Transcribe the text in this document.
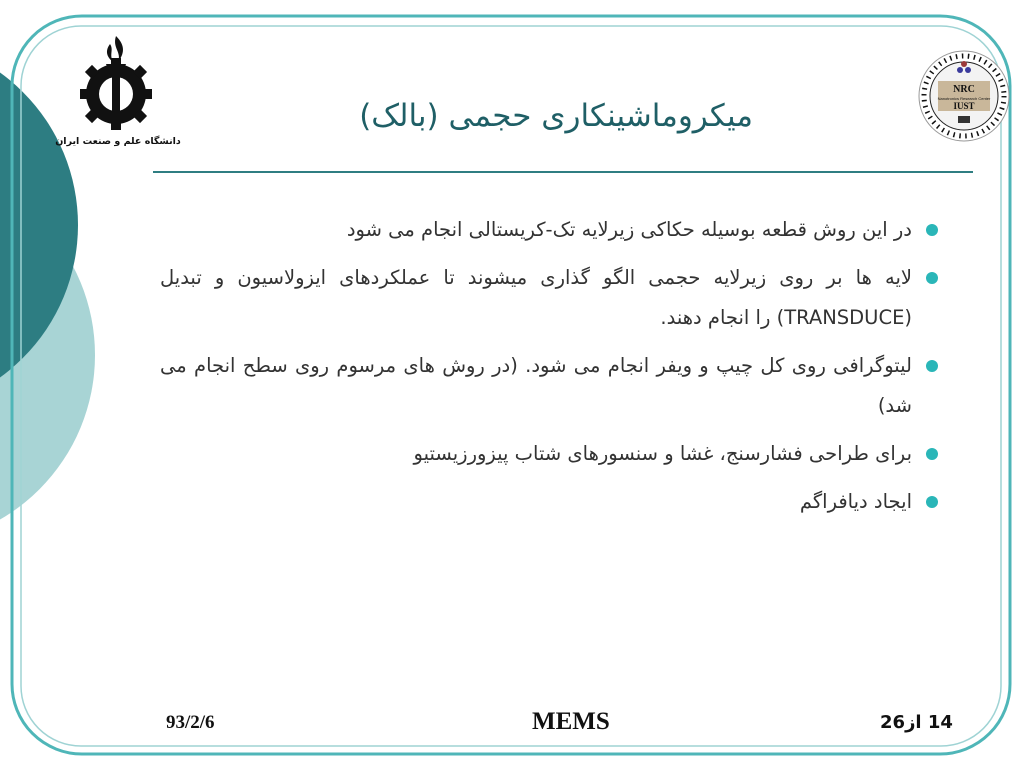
دانشگاه علم و صنعت ایران
NRC
Nanotronics Research Center
IUST
میکروماشینکاری حجمی (بالک)
در این روش قطعه بوسیله حکاکی زیرلایه تک-کریستالی انجام می شود
لایه ها بر روی زیرلایه حجمی الگو گذاری میشوند تا عملکردهای ایزولاسیون و تبدیل (TRANSDUCE) را انجام دهند.
لیتوگرافی روی کل چیپ و ویفر انجام می شود. (در روش های مرسوم روی سطح انجام می شد)
برای طراحی فشارسنج، غشا و سنسورهای شتاب پیزورزیستیو
ایجاد دیافراگم
93/2/6	MEMS	14 از26
